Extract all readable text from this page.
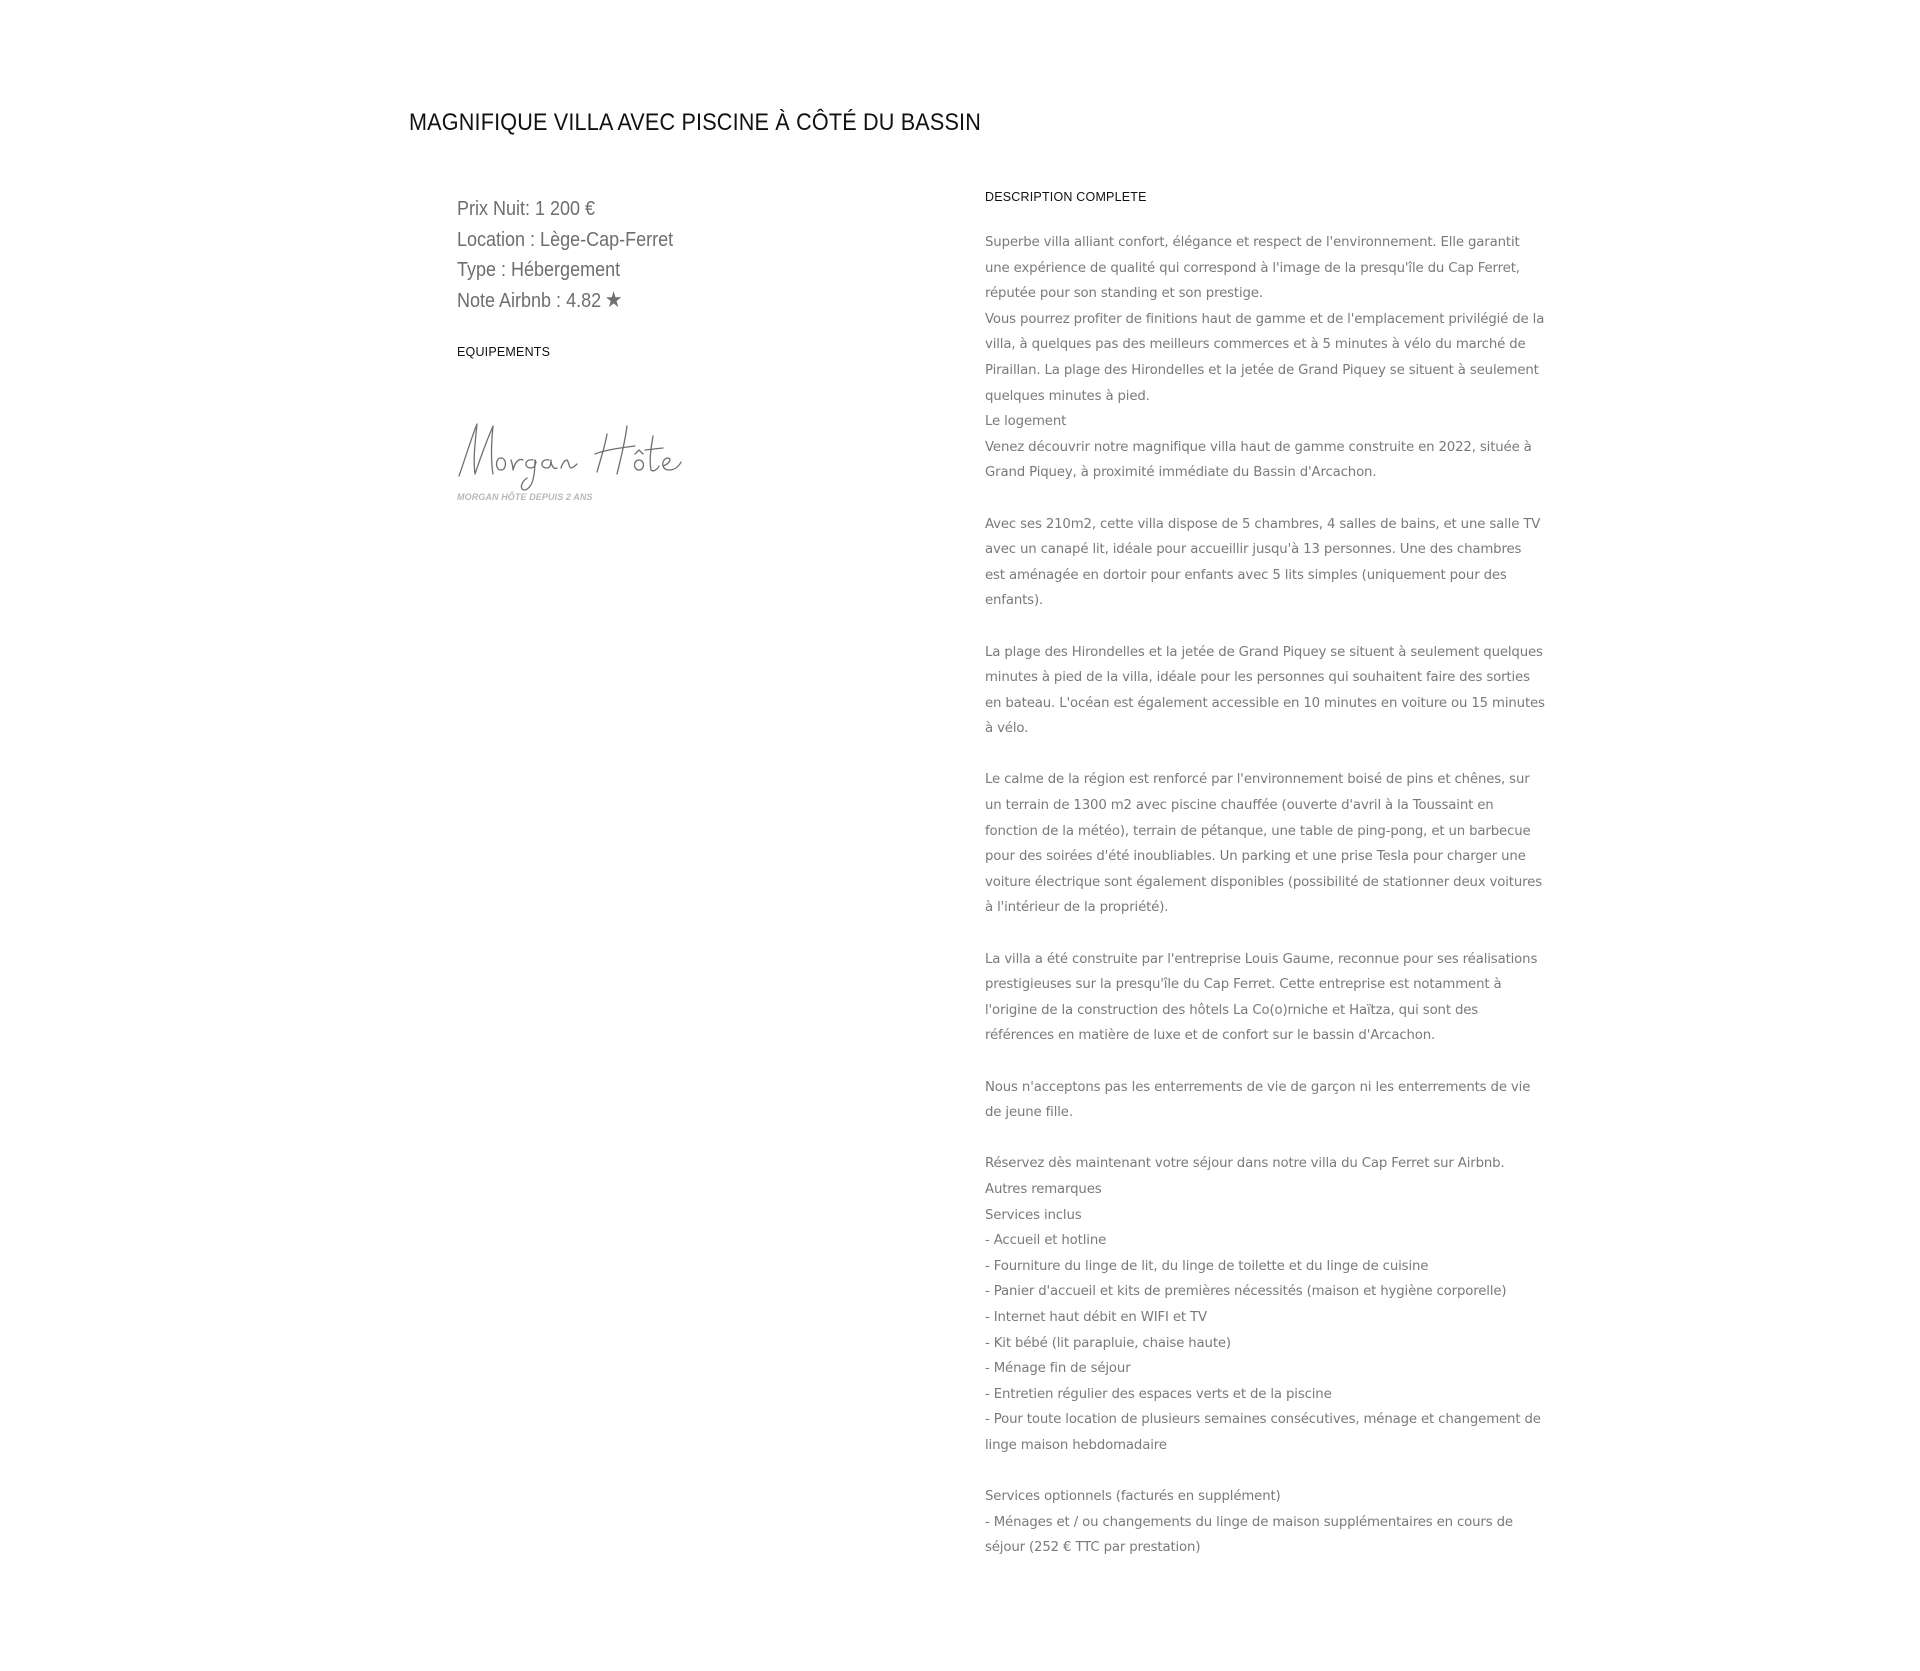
MAGNIFIQUE VILLA AVEC PISCINE À CÔTÉ DU BASSIN
Prix Nuit: 1 200 €
Location : Lège-Cap-Ferret
Type : Hébergement
Note Airbnb : 4.82 ★
EQUIPEMENTS
MORGAN HÔTE DEPUIS 2 ANS
DESCRIPTION COMPLETE
Superbe villa alliant confort, élégance et respect de l'environnement. Elle garantit une expérience de qualité qui correspond à l'image de la presqu'île du Cap Ferret, réputée pour son standing et son prestige.
Vous pourrez profiter de finitions haut de gamme et de l'emplacement privilégié de la villa, à quelques pas des meilleurs commerces et à 5 minutes à vélo du marché de Piraillan. La plage des Hirondelles et la jetée de Grand Piquey se situent à seulement quelques minutes à pied.
Le logement
Venez découvrir notre magnifique villa haut de gamme construite en 2022, située à Grand Piquey, à proximité immédiate du Bassin d'Arcachon.

Avec ses 210m2, cette villa dispose de 5 chambres, 4 salles de bains, et une salle TV avec un canapé lit, idéale pour accueillir jusqu'à 13 personnes. Une des chambres est aménagée en dortoir pour enfants avec 5 lits simples (uniquement pour des enfants).

La plage des Hirondelles et la jetée de Grand Piquey se situent à seulement quelques minutes à pied de la villa, idéale pour les personnes qui souhaitent faire des sorties en bateau. L'océan est également accessible en 10 minutes en voiture ou 15 minutes à vélo.

Le calme de la région est renforcé par l'environnement boisé de pins et chênes, sur un terrain de 1300 m2 avec piscine chauffée (ouverte d'avril à la Toussaint en fonction de la météo), terrain de pétanque, une table de ping-pong, et un barbecue pour des soirées d'été inoubliables. Un parking et une prise Tesla pour charger une voiture électrique sont également disponibles (possibilité de stationner deux voitures à l'intérieur de la propriété).

La villa a été construite par l'entreprise Louis Gaume, reconnue pour ses réalisations prestigieuses sur la presqu'île du Cap Ferret. Cette entreprise est notamment à l'origine de la construction des hôtels La Co(o)rniche et Haïtza, qui sont des références en matière de luxe et de confort sur le bassin d'Arcachon.

Nous n'acceptons pas les enterrements de vie de garçon ni les enterrements de vie de jeune fille.

Réservez dès maintenant votre séjour dans notre villa du Cap Ferret sur Airbnb.
Autres remarques
Services inclus
- Accueil et hotline
- Fourniture du linge de lit, du linge de toilette et du linge de cuisine
- Panier d'accueil et kits de premières nécessités (maison et hygiène corporelle)
- Internet haut débit en WIFI et TV
- Kit bébé (lit parapluie, chaise haute)
- Ménage fin de séjour
- Entretien régulier des espaces verts et de la piscine
- Pour toute location de plusieurs semaines consécutives, ménage et changement de linge maison hebdomadaire

Services optionnels (facturés en supplément)
- Ménages et / ou changements du linge de maison supplémentaires en cours de séjour (252 € TTC par prestation)
